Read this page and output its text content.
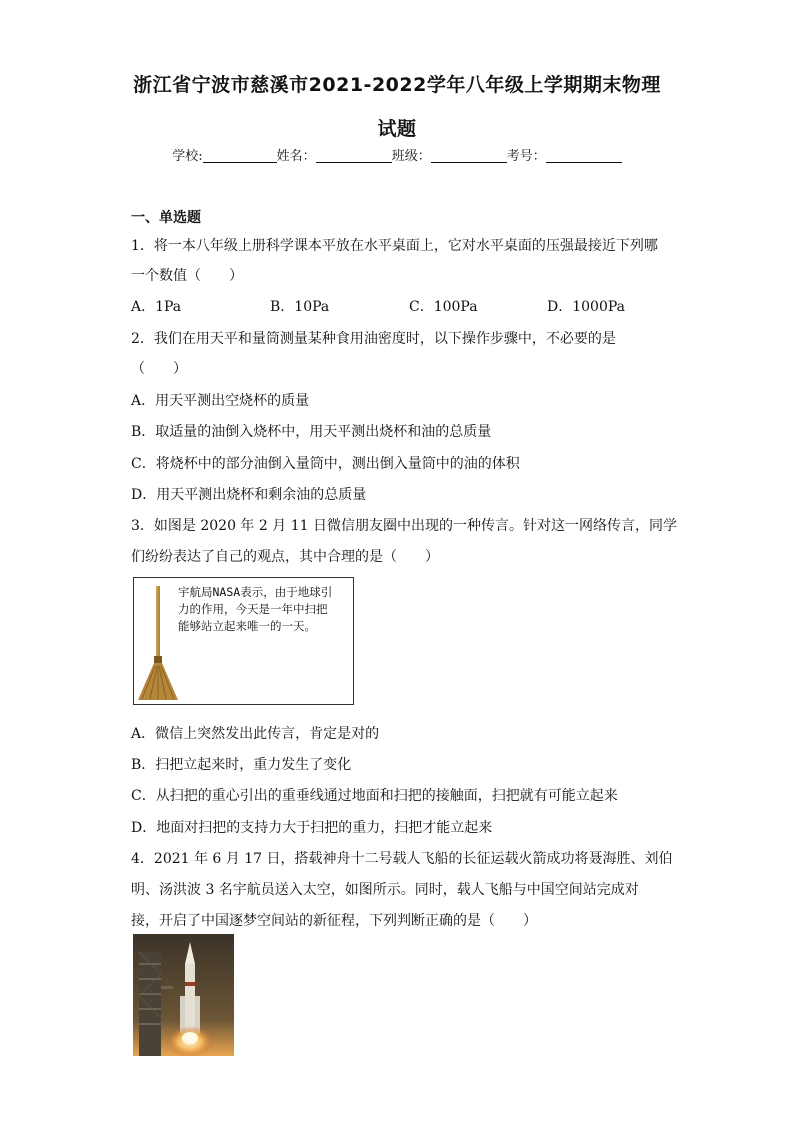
浙江省宁波市慈溪市2021-2022学年八年级上学期期末物理
试题
学校:	姓名：	班级：	考号：
一、单选题
1．将一本八年级上册科学课本平放在水平桌面上，它对水平桌面的压强最接近下列哪
一个数值（　　）
A．1Pa	B．10Pa	C．100Pa	D．1000Pa
2．我们在用天平和量筒测量某种食用油密度时，以下操作步骤中，不必要的是
（　　）
A．用天平测出空烧杯的质量
B．取适量的油倒入烧杯中，用天平测出烧杯和油的总质量
C．将烧杯中的部分油倒入量筒中，测出倒入量筒中的油的体积
D．用天平测出烧杯和剩余油的总质量
3．如图是 2020 年 2 月 11 日微信朋友圈中出现的一种传言。针对这一网络传言，同学
们纷纷表达了自己的观点，其中合理的是（　　）
宇航局NASA表示，由于地球引
力的作用，今天是一年中扫把
能够站立起来唯一的一天。
A．微信上突然发出此传言，肯定是对的
B．扫把立起来时，重力发生了变化
C．从扫把的重心引出的重垂线通过地面和扫把的接触面，扫把就有可能立起来
D．地面对扫把的支持力大于扫把的重力，扫把才能立起来
4．2021 年 6 月 17 日，搭载神舟十二号载人飞船的长征运载火箭成功将聂海胜、刘伯
明、汤洪波 3 名宇航员送入太空，如图所示。同时，载人飞船与中国空间站完成对
接，开启了中国逐梦空间站的新征程，下列判断正确的是（　　）
